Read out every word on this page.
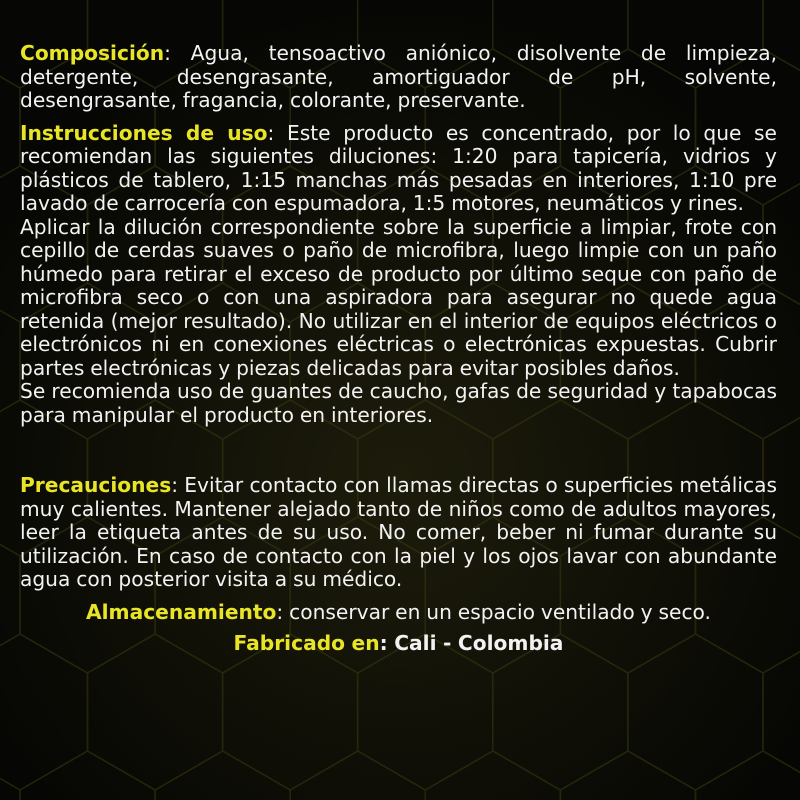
Composición: Agua, tensoactivo aniónico, disolvente de limpieza, detergente, desengrasante, amortiguador de pH, solvente, desengrasante, fragancia, colorante, preservante.

Instrucciones de uso: Este producto es concentrado, por lo que se recomiendan las siguientes diluciones: 1:20 para tapicería, vidrios y plásticos de tablero, 1:15 manchas más pesadas en interiores, 1:10 pre lavado de carrocería con espumadora, 1:5 motores, neumáticos y rines.

Aplicar la dilución correspondiente sobre la superficie a limpiar, frote con cepillo de cerdas suaves o paño de microfibra, luego limpie con un paño húmedo para retirar el exceso de producto por último seque con paño de microfibra seco o con una aspiradora para asegurar no quede agua retenida (mejor resultado). No utilizar en el interior de equipos eléctricos o electrónicos ni en conexiones eléctricas o electrónicas expuestas. Cubrir partes electrónicas y piezas delicadas para evitar posibles daños.

Se recomienda uso de guantes de caucho, gafas de seguridad y tapabocas para manipular el producto en interiores.

Precauciones: Evitar contacto con llamas directas o superficies metálicas muy calientes. Mantener alejado tanto de niños como de adultos mayores, leer la etiqueta antes de su uso. No comer, beber ni fumar durante su utilización. En caso de contacto con la piel y los ojos lavar con abundante agua con posterior visita a su médico.

Almacenamiento: conservar en un espacio ventilado y seco.

Fabricado en: Cali - Colombia
